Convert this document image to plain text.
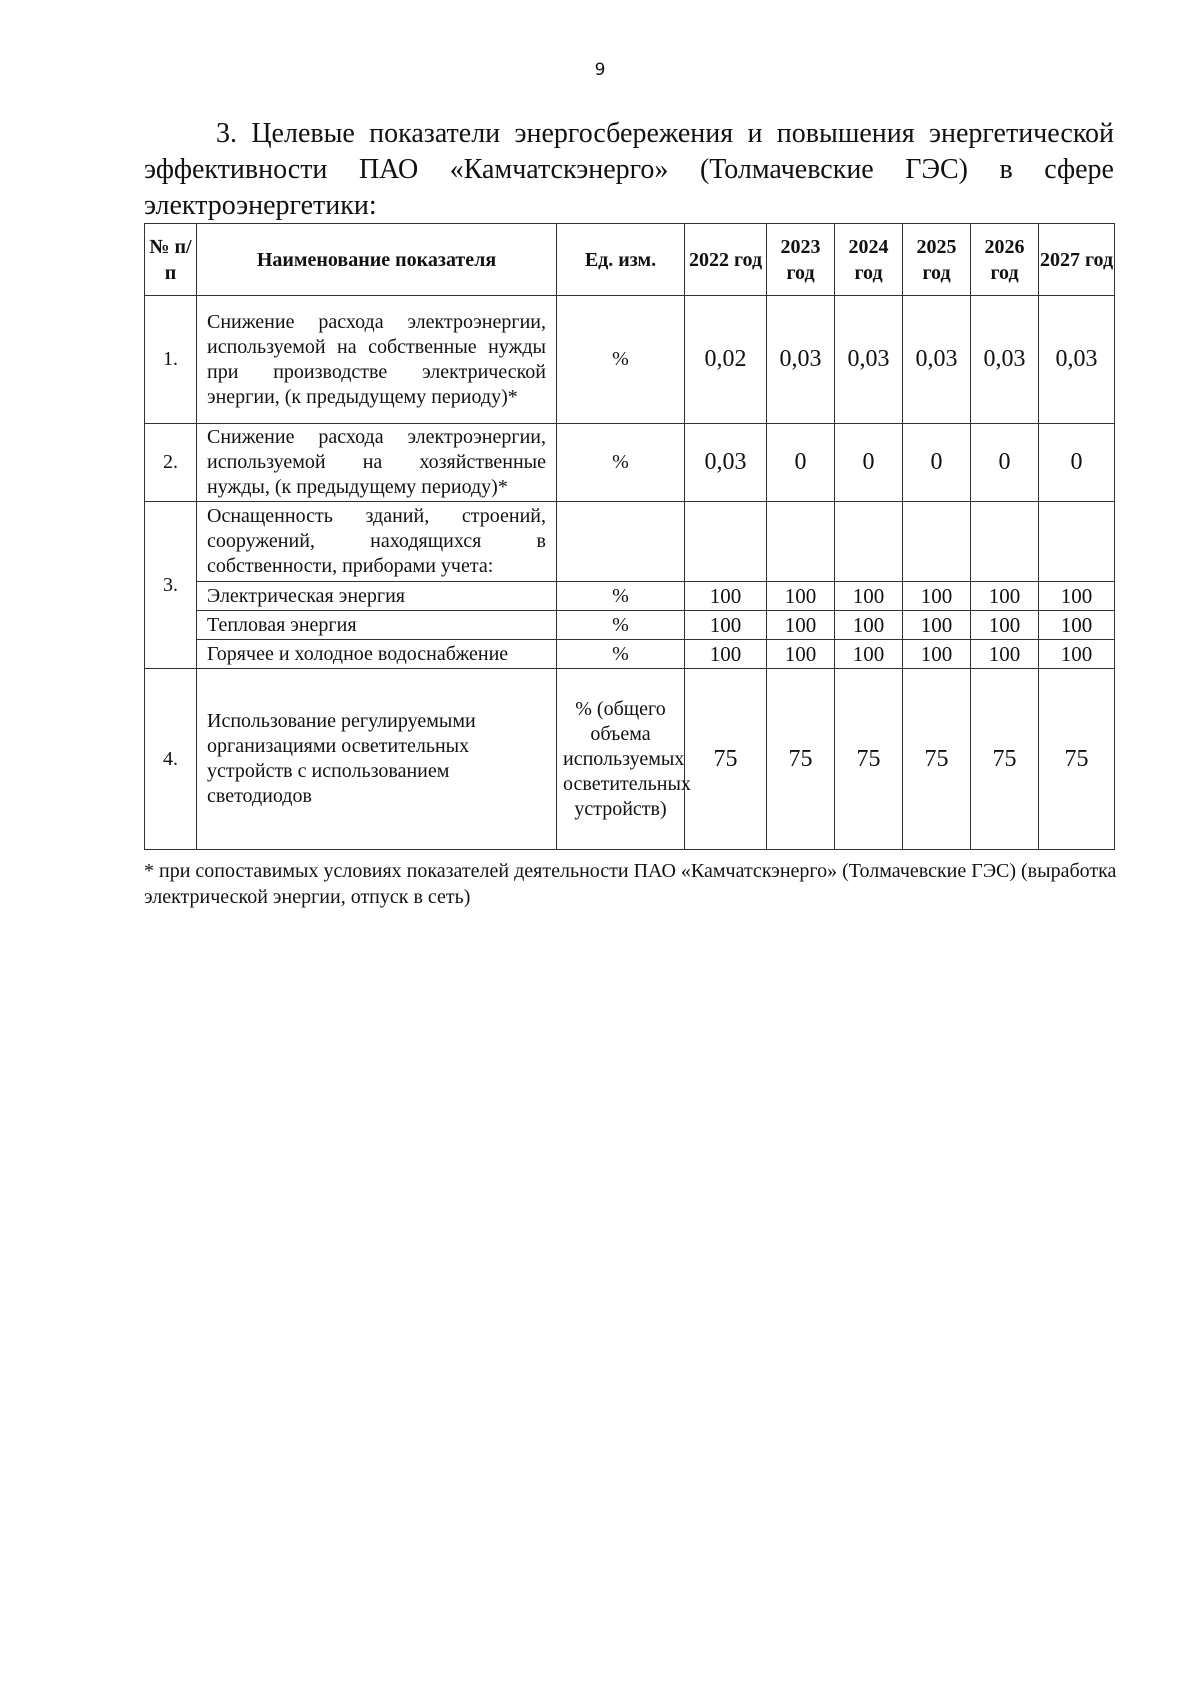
9
3. Целевые показатели энергосбережения и повышения энергетической эффективности ПАО «Камчатскэнерго» (Толмачевские ГЭС) в сфере электроэнергетики:
№ п/п	Наименование показателя	Ед. изм.	2022 год	2023 год	2024 год	2025 год	2026 год	2027 год
1.	Снижение расхода электроэнергии, используемой на собственные нужды при производстве электрической энергии, (к предыдущему периоду)*	%	0,02	0,03	0,03	0,03	0,03	0,03
2.	Снижение расхода электроэнергии, используемой на хозяйственные нужды, (к предыдущему периоду)*	%	0,03	0	0	0	0	0
3.	Оснащенность зданий, строений, сооружений, находящихся в собственности, приборами учета:							
	Электрическая энергия	%	100	100	100	100	100	100
	Тепловая энергия	%	100	100	100	100	100	100
	Горячее и холодное водоснабжение	%	100	100	100	100	100	100
4.	Использование регулируемыми организациями осветительных устройств с использованием светодиодов	% (общего объема используемых осветительных устройств)	75	75	75	75	75	75
* при сопоставимых условиях показателей деятельности ПАО «Камчатскэнерго» (Толмачевские ГЭС) (выработка электрической энергии, отпуск в сеть)
